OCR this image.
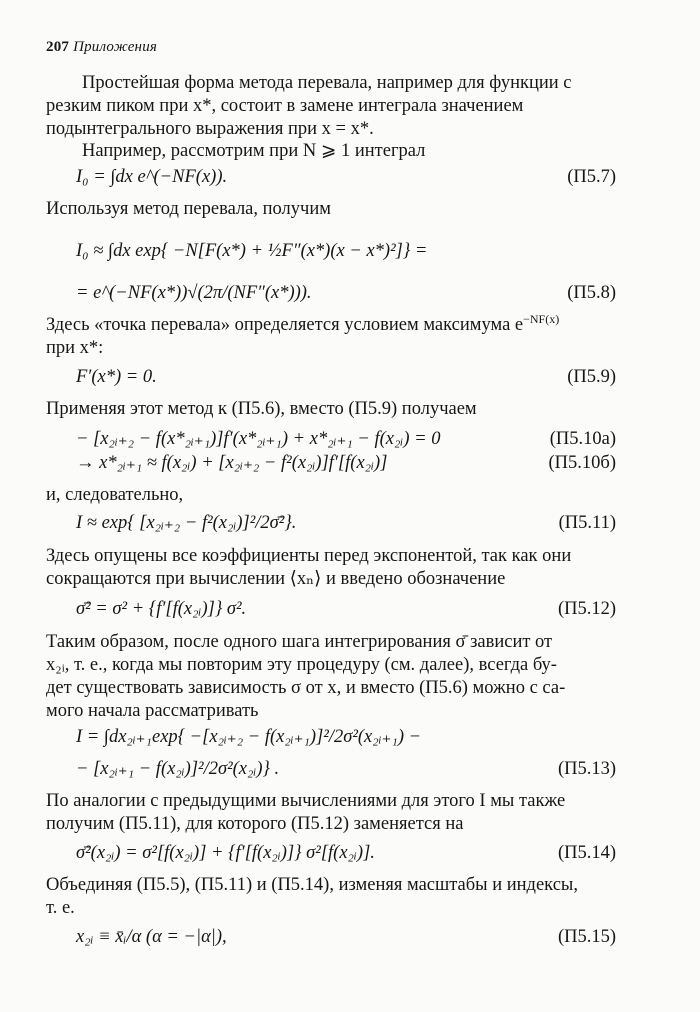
207 Приложения
Простейшая форма метода перевала, например для функции с
резким пиком при x*, состоит в замене интеграла значением
подынтегрального выражения при x = x*.
Например, рассмотрим при N ⩾ 1 интеграл
I₀ = ∫dx e^(−NF(x)).	(П5.7)
Используя метод перевала, получим
I₀ ≈ ∫dx exp{ −N[F(x*) + ½F″(x*)(x − x*)²]} =
= e^(−NF(x*))√(2π/(NF″(x*))).	(П5.8)
Здесь «точка перевала» определяется условием максимума $e^{-NF(x)}$
при x*:
F′(x*) = 0.	(П5.9)
Применяя этот метод к (П5.6), вместо (П5.9) получаем
− [x₂ᵢ₊₂ − f(x*₂ᵢ₊₁)]f′(x*₂ᵢ₊₁) + x*₂ᵢ₊₁ − f(x₂ᵢ) = 0	(П5.10а)
→ x*₂ᵢ₊₁ ≈ f(x₂ᵢ) + [x₂ᵢ₊₂ − f²(x₂ᵢ)]f′[f(x₂ᵢ)]	(П5.10б)
и, следовательно,
I ≈ exp{ [x₂ᵢ₊₂ − f²(x₂ᵢ)]²/2σ̄²}.	(П5.11)
Здесь опущены все коэффициенты перед экспонентой, так как они
сокращаются при вычислении ⟨xₙ⟩ и введено обозначение
σ̄² = σ² + {f′[f(x₂ᵢ)]} σ².	(П5.12)
Таким образом, после одного шага интегрирования σ̄ зависит от
x₂ᵢ, т. е., когда мы повторим эту процедуру (см. далее), всегда бу-
дет существовать зависимость σ от x, и вместо (П5.6) можно с са-
мого начала рассматривать
I = ∫dx₂ᵢ₊₁exp{ −[x₂ᵢ₊₂ − f(x₂ᵢ₊₁)]²/2σ²(x₂ᵢ₊₁) −
− [x₂ᵢ₊₁ − f(x₂ᵢ)]²/2σ²(x₂ᵢ)} .	(П5.13)
По аналогии с предыдущими вычислениями для этого I мы также
получим (П5.11), для которого (П5.12) заменяется на
σ̄²(x₂ᵢ) = σ²[f(x₂ᵢ)] + {f′[f(x₂ᵢ)]} σ²[f(x₂ᵢ)].	(П5.14)
Объединяя (П5.5), (П5.11) и (П5.14), изменяя масштабы и индексы,
т. е.
x₂ᵢ ≡ x̄ᵢ/α (α = −|α|),	(П5.15)
